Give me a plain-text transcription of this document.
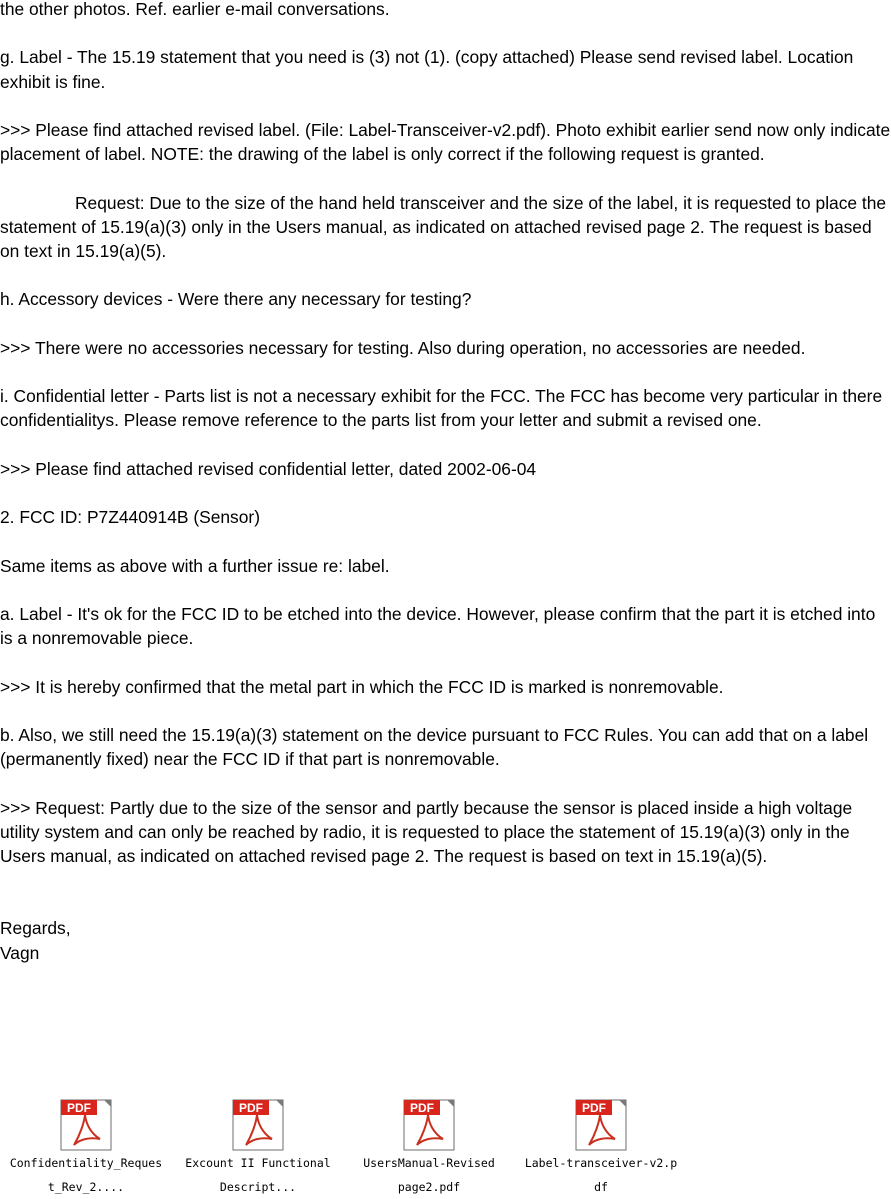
the other photos. Ref. earlier e-mail conversations.

g. Label - The 15.19 statement that you need is (3) not (1). (copy attached) Please send revised label. Location exhibit is fine.

>>> Please find attached revised label. (File: Label-Transceiver-v2.pdf). Photo exhibit earlier send now only indicate placement of label. NOTE: the drawing of the label is only correct if the following request is granted.

Request: Due to the size of the hand held transceiver and the size of the label, it is requested to place the statement of 15.19(a)(3) only in the Users manual, as indicated on attached revised page 2. The request is based on text in 15.19(a)(5).

h. Accessory devices - Were there any necessary for testing?

>>> There were no accessories necessary for testing. Also during operation, no accessories are needed.

i. Confidential letter - Parts list is not a necessary exhibit for the FCC. The FCC has become very particular in there confidentialitys. Please remove reference to the parts list from your letter and submit a revised one.

>>> Please find attached revised confidential letter, dated 2002-06-04

2. FCC ID: P7Z440914B (Sensor)

Same items as above with a further issue re: label.

a. Label - It's ok for the FCC ID to be etched into the device. However, please confirm that the part it is etched into is a nonremovable piece.

>>> It is hereby confirmed that the metal part in which the FCC ID is marked is nonremovable.

b. Also, we still need the 15.19(a)(3) statement on the device pursuant to FCC Rules. You can add that on a label (permanently fixed) near the FCC ID if that part is nonremovable.

>>> Request: Partly due to the size of the sensor and partly because the sensor is placed inside a high voltage utility system and can only be reached by radio, it is requested to place the statement of 15.19(a)(3) only in the Users manual, as indicated on attached revised page 2. The request is based on text in 15.19(a)(5).

Regards,
Vagn
PDF
Confidentiality_Reques
t_Rev_2....
PDF
Excount II Functional
Descript...
PDF
UsersManual-Revised
page2.pdf
PDF
Label-transceiver-v2.p
df
